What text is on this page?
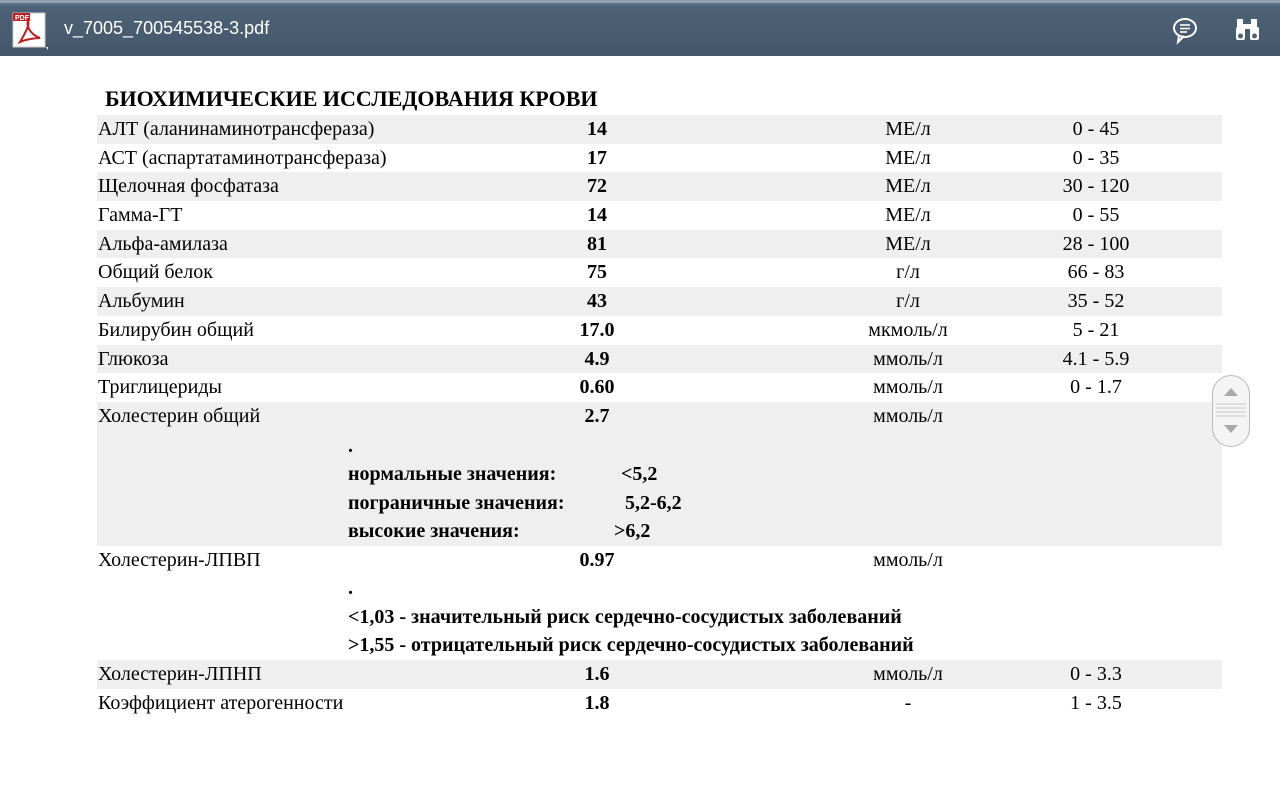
PDF v_7005_700545538-3.pdf
БИОХИМИЧЕСКИЕ ИССЛЕДОВАНИЯ КРОВИ
АЛТ (аланинаминотрансфераза)	14	МЕ/л	0 - 45
АСТ (аспартатаминотрансфераза)	17	МЕ/л	0 - 35
Щелочная фосфатаза	72	МЕ/л	30 - 120
Гамма-ГТ	14	МЕ/л	0 - 55
Альфа-амилаза	81	МЕ/л	28 - 100
Общий белок	75	г/л	66 - 83
Альбумин	43	г/л	35 - 52
Билирубин общий	17.0	мкмоль/л	5 - 21
Глюкоза	4.9	ммоль/л	4.1 - 5.9
Триглицериды	0.60	ммоль/л	0 - 1.7
Холестерин общий	2.7	ммоль/л
.
нормальные значения:	<5,2
пограничные значения:	5,2-6,2
высокие значения:	>6,2
Холестерин-ЛПВП	0.97	ммоль/л
.
<1,03 - значительный риск сердечно-сосудистых заболеваний
>1,55 - отрицательный риск сердечно-сосудистых заболеваний
Холестерин-ЛПНП	1.6	ммоль/л	0 - 3.3
Коэффициент атерогенности	1.8	-	1 - 3.5
